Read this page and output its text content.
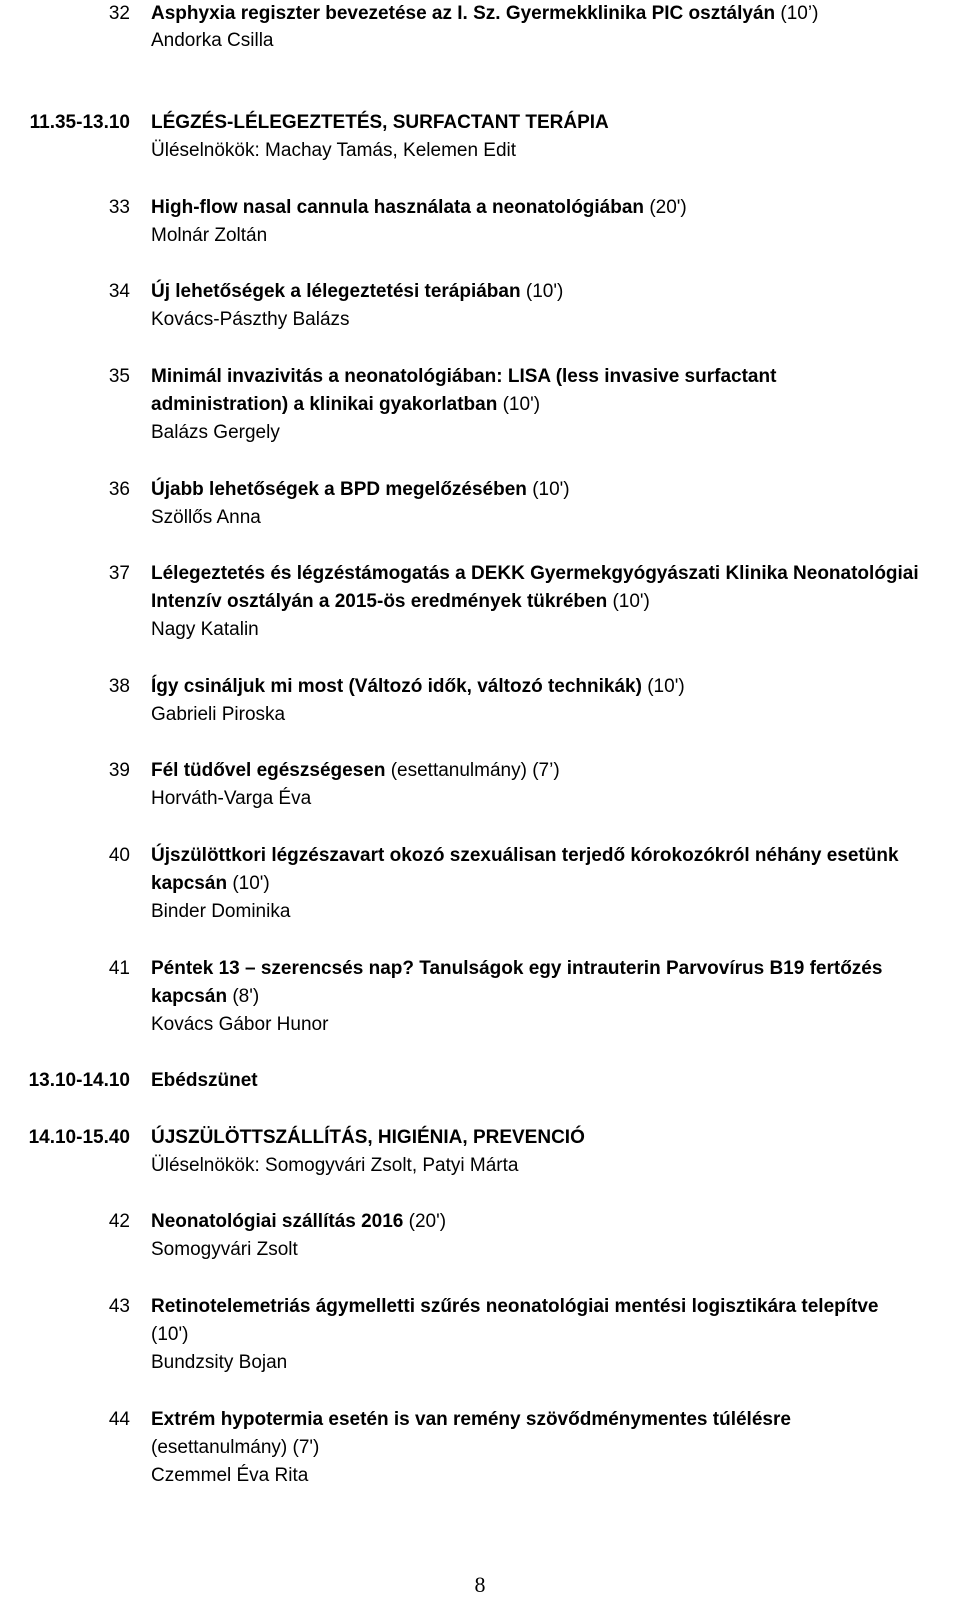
32 Asphyxia regiszter bevezetése az I. Sz. Gyermekklinika PIC osztályán (10’)
Andorka Csilla
11.35-13.10 LÉGZÉS-LÉLEGEZTETÉS, SURFACTANT TERÁPIA
Üléselnökök: Machay Tamás, Kelemen Edit
33 High-flow nasal cannula használata a neonatológiában (20')
Molnár Zoltán
34 Új lehetőségek a lélegeztetési terápiában (10')
Kovács-Pászthy Balázs
35 Minimál invazivitás a neonatológiában: LISA (less invasive surfactant
administration) a klinikai gyakorlatban (10')
Balázs Gergely
36 Újabb lehetőségek a BPD megelőzésében (10')
Szöllős Anna
37 Lélegeztetés és légzéstámogatás a DEKK Gyermekgyógyászati Klinika Neonatológiai
Intenzív osztályán a 2015-ös eredmények tükrében (10')
Nagy Katalin
38 Így csináljuk mi most (Változó idők, változó technikák) (10')
Gabrieli Piroska
39 Fél tüdővel egészségesen (esettanulmány) (7’)
Horváth-Varga Éva
40 Újszülöttkori légzészavart okozó szexuálisan terjedő kórokozókról néhány esetünk
kapcsán (10')
Binder Dominika
41 Péntek 13 – szerencsés nap? Tanulságok egy intrauterin Parvovírus B19 fertőzés
kapcsán (8')
Kovács Gábor Hunor
13.10-14.10 Ebédszünet
14.10-15.40 ÚJSZÜLÖTTSZÁLLÍTÁS, HIGIÉNIA, PREVENCIÓ
Üléselnökök: Somogyvári Zsolt, Patyi Márta
42 Neonatológiai szállítás 2016 (20')
Somogyvári Zsolt
43 Retinotelemetriás ágymelletti szűrés neonatológiai mentési logisztikára telepítve
(10')
Bundzsity Bojan
44 Extrém hypotermia esetén is van remény szövődménymentes túlélésre
(esettanulmány) (7')
Czemmel Éva Rita
8
